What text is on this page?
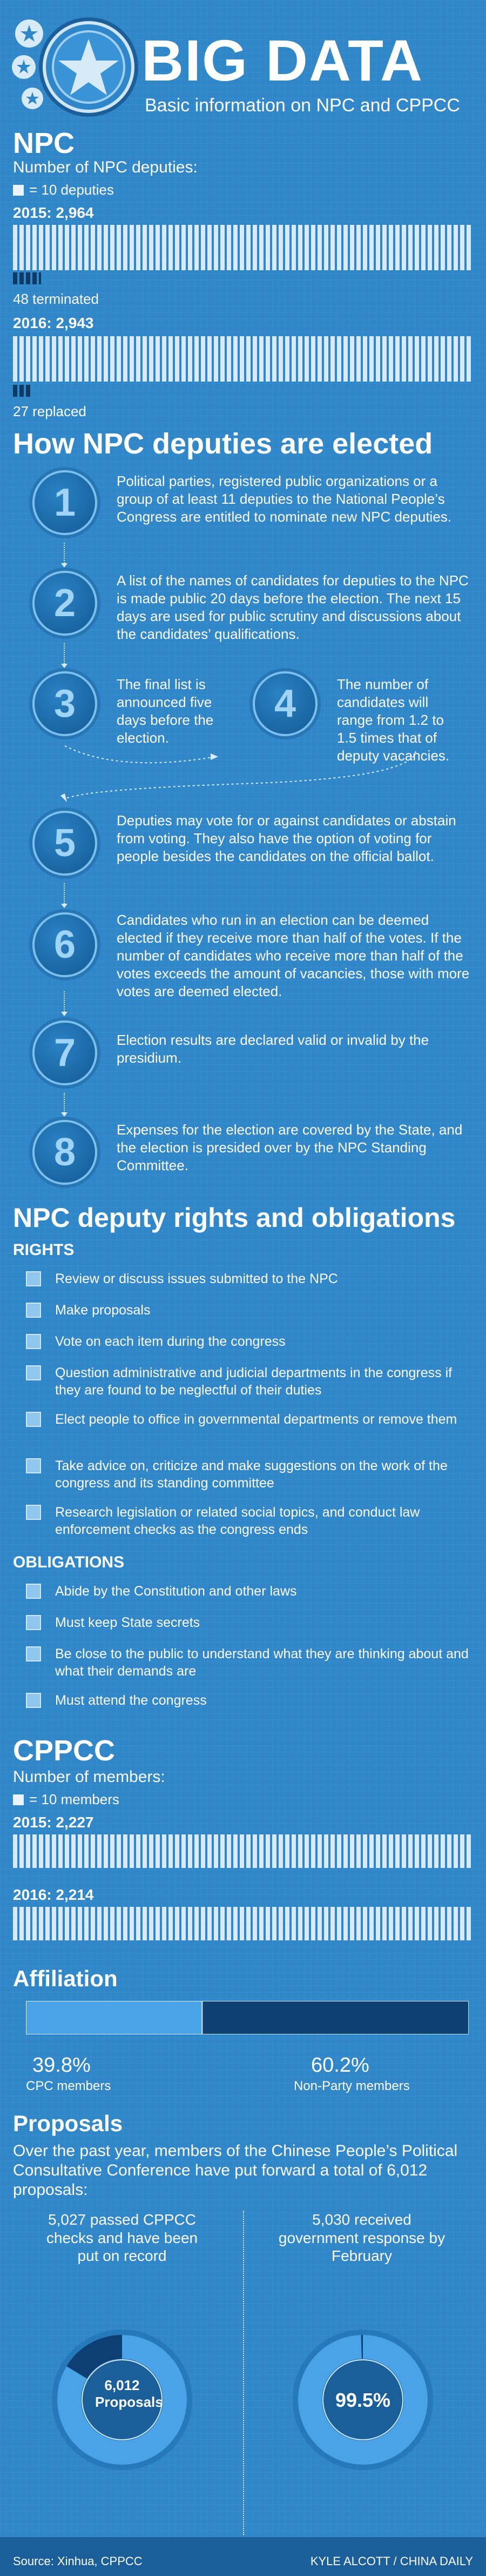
BIG DATA
Basic information on NPC and CPPCC
NPC
Number of NPC deputies:
= 10 deputies
2015: 2,964
48 terminated
2016: 2,943
27 replaced
How NPC deputies are elected
1	Political parties, registered public organizations or a group of at least 11 deputies to the National People’s Congress are entitled to nominate new NPC deputies.
2
A list of the names of candidates for deputies to the NPC is made public 20 days before the election. The next 15 days are used for public scrutiny and discussions about the candidates’ qualifications.
3	The final list is announced five days before the election.
4	The number of candidates will range from 1.2 to 1.5 times that of deputy vacancies.
5
Deputies may vote for or against candidates or abstain from voting. They also have the option of voting for people besides the candidates on the official ballot.
6
Candidates who run in an election can be deemed elected if they receive more than half of the votes. If the number of candidates who receive more than half of the votes exceeds the amount of vacancies, those with more votes are deemed elected.
7	Election results are declared valid or invalid by the presidium.
8
Expenses for the election are covered by the State, and the election is presided over by the NPC Standing Committee.
NPC deputy rights and obligations
RIGHTS
Review or discuss issues submitted to the NPC
Make proposals
Vote on each item during the congress
Question administrative and judicial departments in the congress if they are found to be neglectful of their duties
Elect people to office in governmental departments or remove them
Take advice on, criticize and make suggestions on the work of the congress and its standing committee
Research legislation or related social topics, and conduct law enforcement checks as the congress ends
OBLIGATIONS
Abide by the Constitution and other laws
Must keep State secrets
Be close to the public to understand what they are thinking about and what their demands are
Must attend the congress
CPPCC
Number of members:
= 10 members
2015: 2,227
2016: 2,214
Affiliation
39.8%
CPC members
60.2%
Non-Party members
Proposals
Over the past year, members of the Chinese People’s Political Consultative Conference have put forward a total of 6,012 proposals:
5,027 passed CPPCC checks and have been put on record
6,012 Proposals
5,030 received government response by February
99.5%
Source: Xinhua, CPPCC	KYLE ALCOTT / CHINA DAILY
